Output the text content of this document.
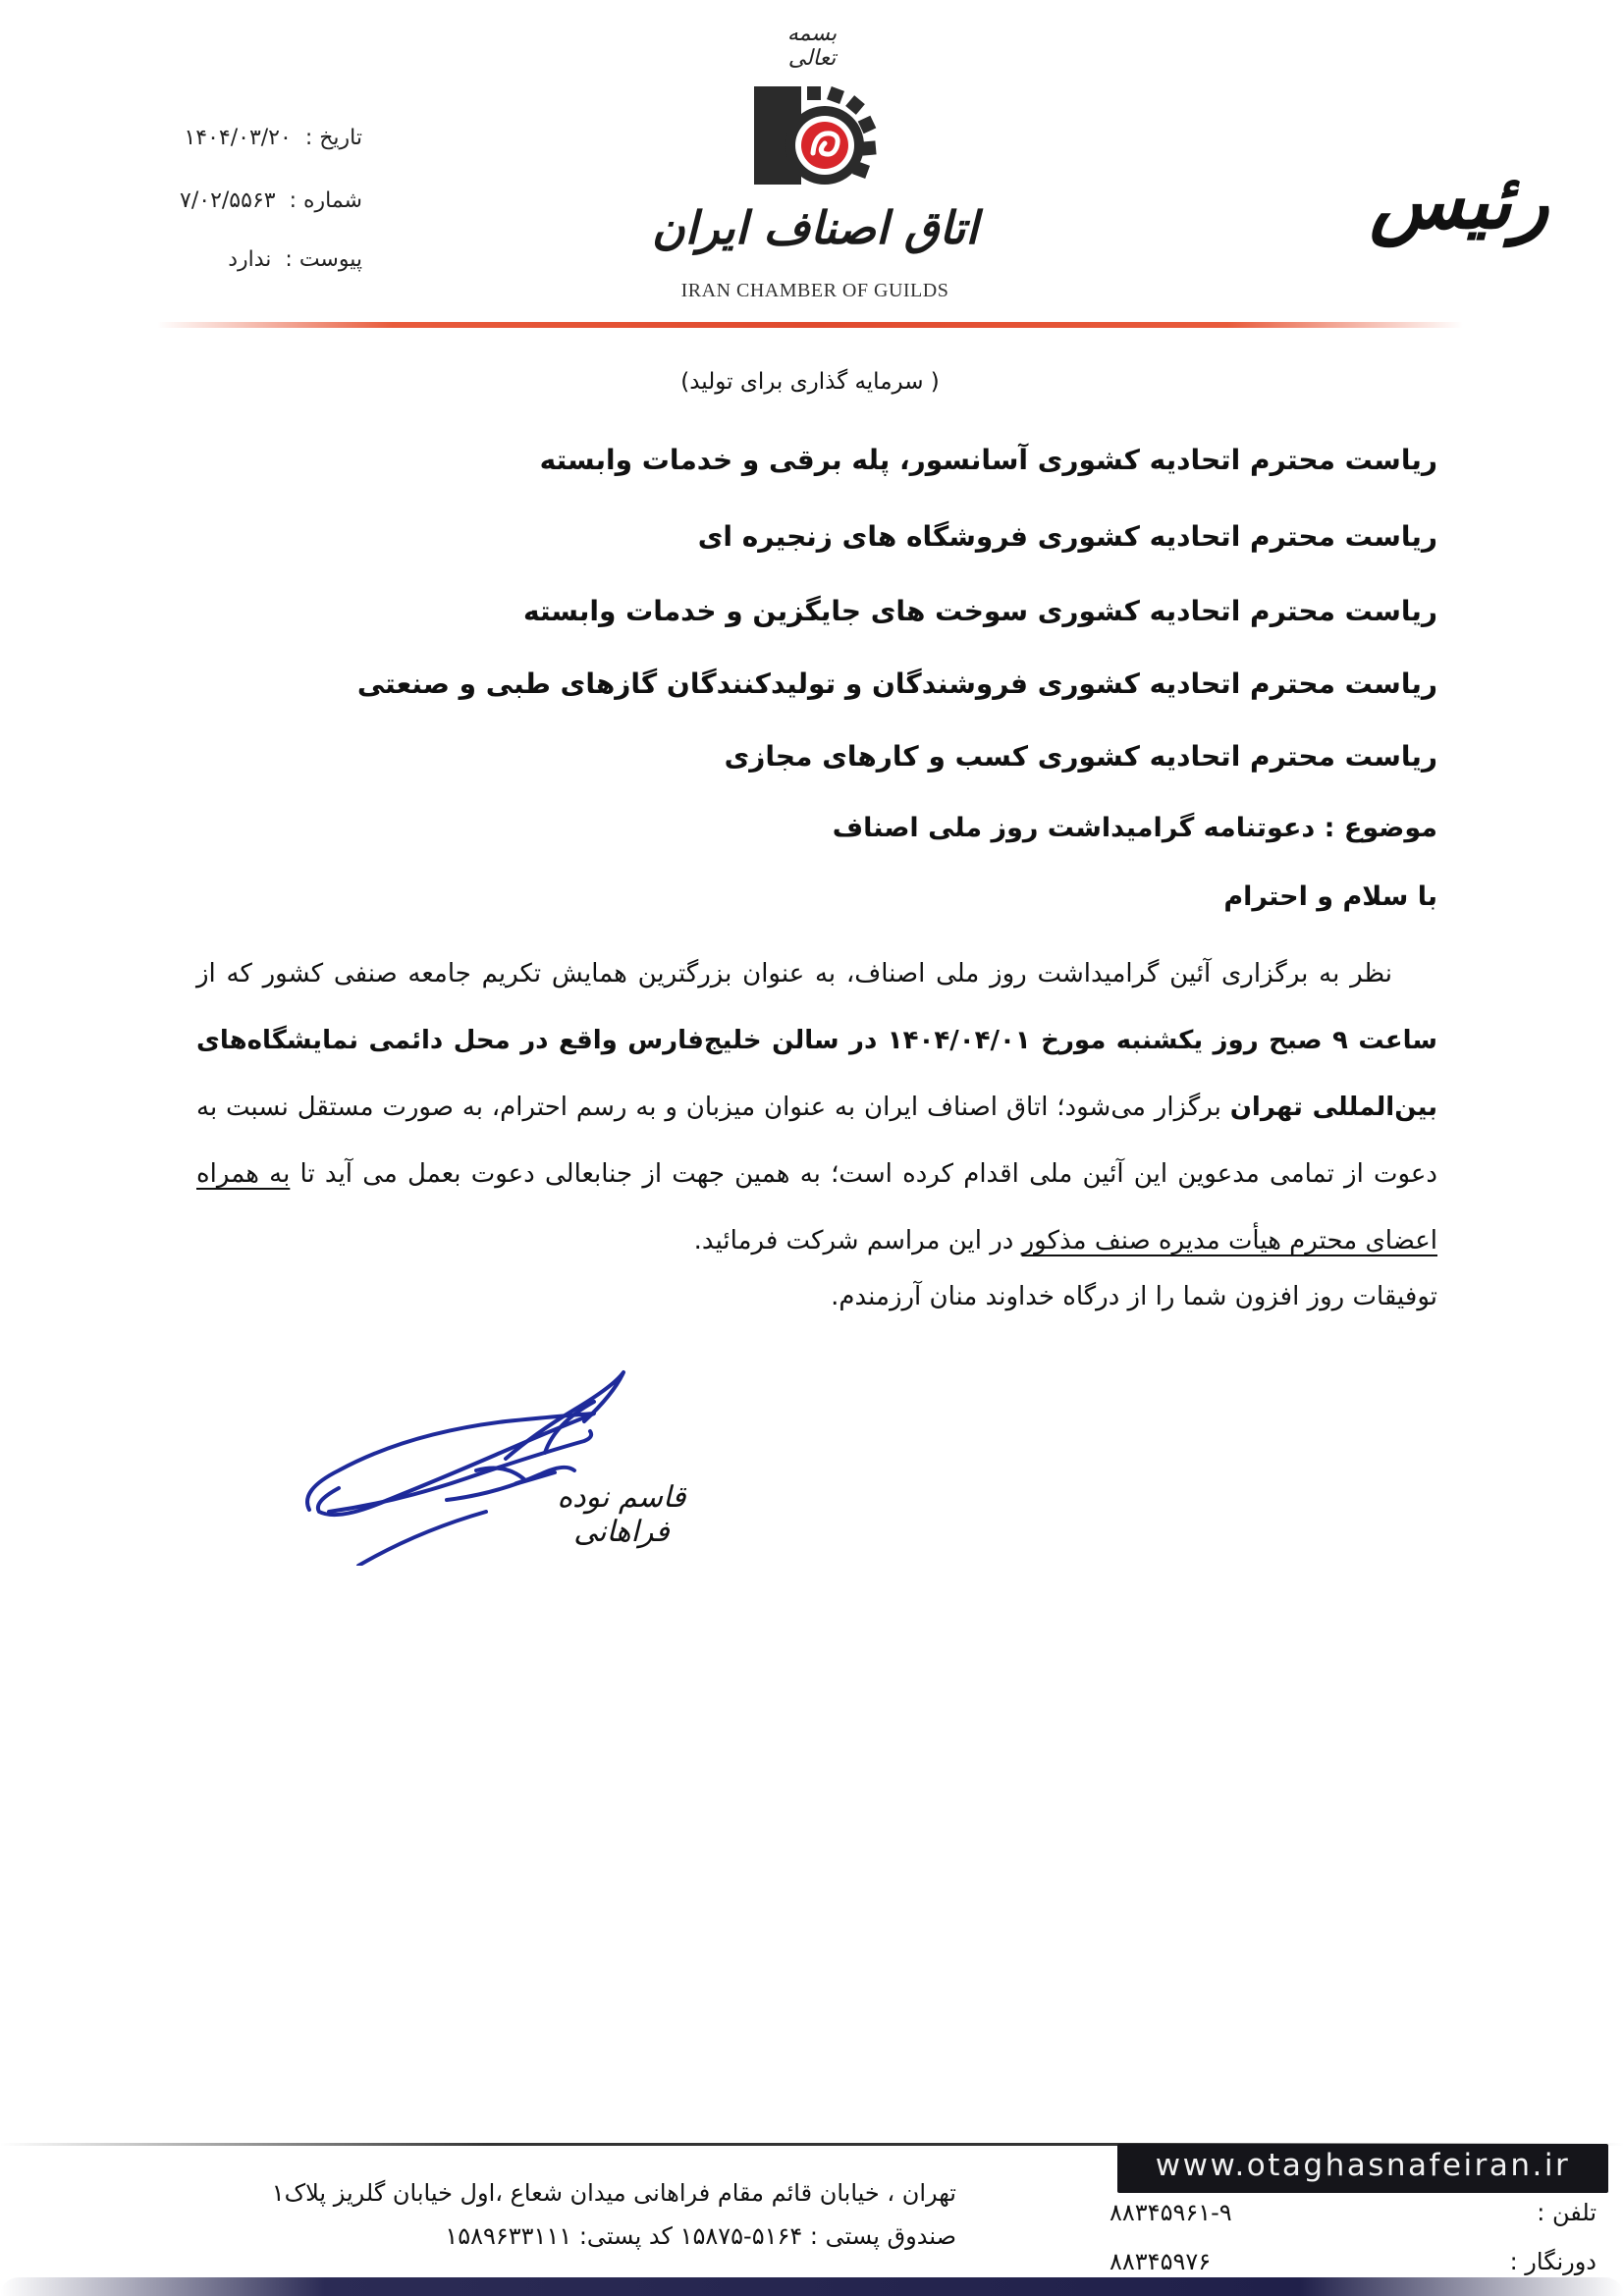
بسمه تعالی
اتاق اصناف ایران
IRAN CHAMBER OF GUILDS
رئیس
تاریخ :۱۴۰۴/۰۳/۲۰
شماره :۷/۰۲/۵۵۶۳
پیوست :ندارد
( سرمایه گذاری برای تولید)
ریاست محترم اتحادیه کشوری آسانسور، پله برقی و خدمات وابسته
ریاست محترم اتحادیه کشوری فروشگاه های زنجیره ای
ریاست محترم اتحادیه کشوری سوخت های جایگزین و خدمات وابسته
ریاست محترم اتحادیه کشوری فروشندگان و تولیدکنندگان گازهای طبی و صنعتی
ریاست محترم اتحادیه کشوری کسب و کارهای مجازی
موضوع : دعوتنامه گرامیداشت روز ملی اصناف
با سلام و احترام
نظر به برگزاری آئین گرامیداشت روز ملی اصناف، به عنوان بزرگترین همایش تکریم جامعه صنفی کشور که از ساعت ۹ صبح روز یکشنبه مورخ ۱۴۰۴/۰۴/۰۱ در سالن خلیج‌فارس واقع در محل دائمی نمایشگاه‌های بین‌المللی تهران برگزار می‌شود؛ اتاق اصناف ایران به عنوان میزبان و به رسم احترام، به صورت مستقل نسبت به دعوت از تمامی مدعوین این آئین ملی اقدام کرده است؛ به همین جهت از جنابعالی دعوت بعمل می آید تا به همراه اعضای محترم هیأت مدیره صنف مذکور در این مراسم شرکت فرمائید.
توفیقات روز افزون شما را از درگاه خداوند منان آرزمندم.
قاسم نوده فراهانی
www.otaghasnafeiran.ir
تلفن :
۸۸۳۴۵۹۶۱-۹
دورنگار :
۸۸۳۴۵۹۷۶
تهران ، خیابان قائم مقام فراهانی میدان شعاع ،اول خیابان گلریز پلاک۱
صندوق پستی : ۵۱۶۴-۱۵۸۷۵ کد پستی: ۱۵۸۹۶۳۳۱۱۱
